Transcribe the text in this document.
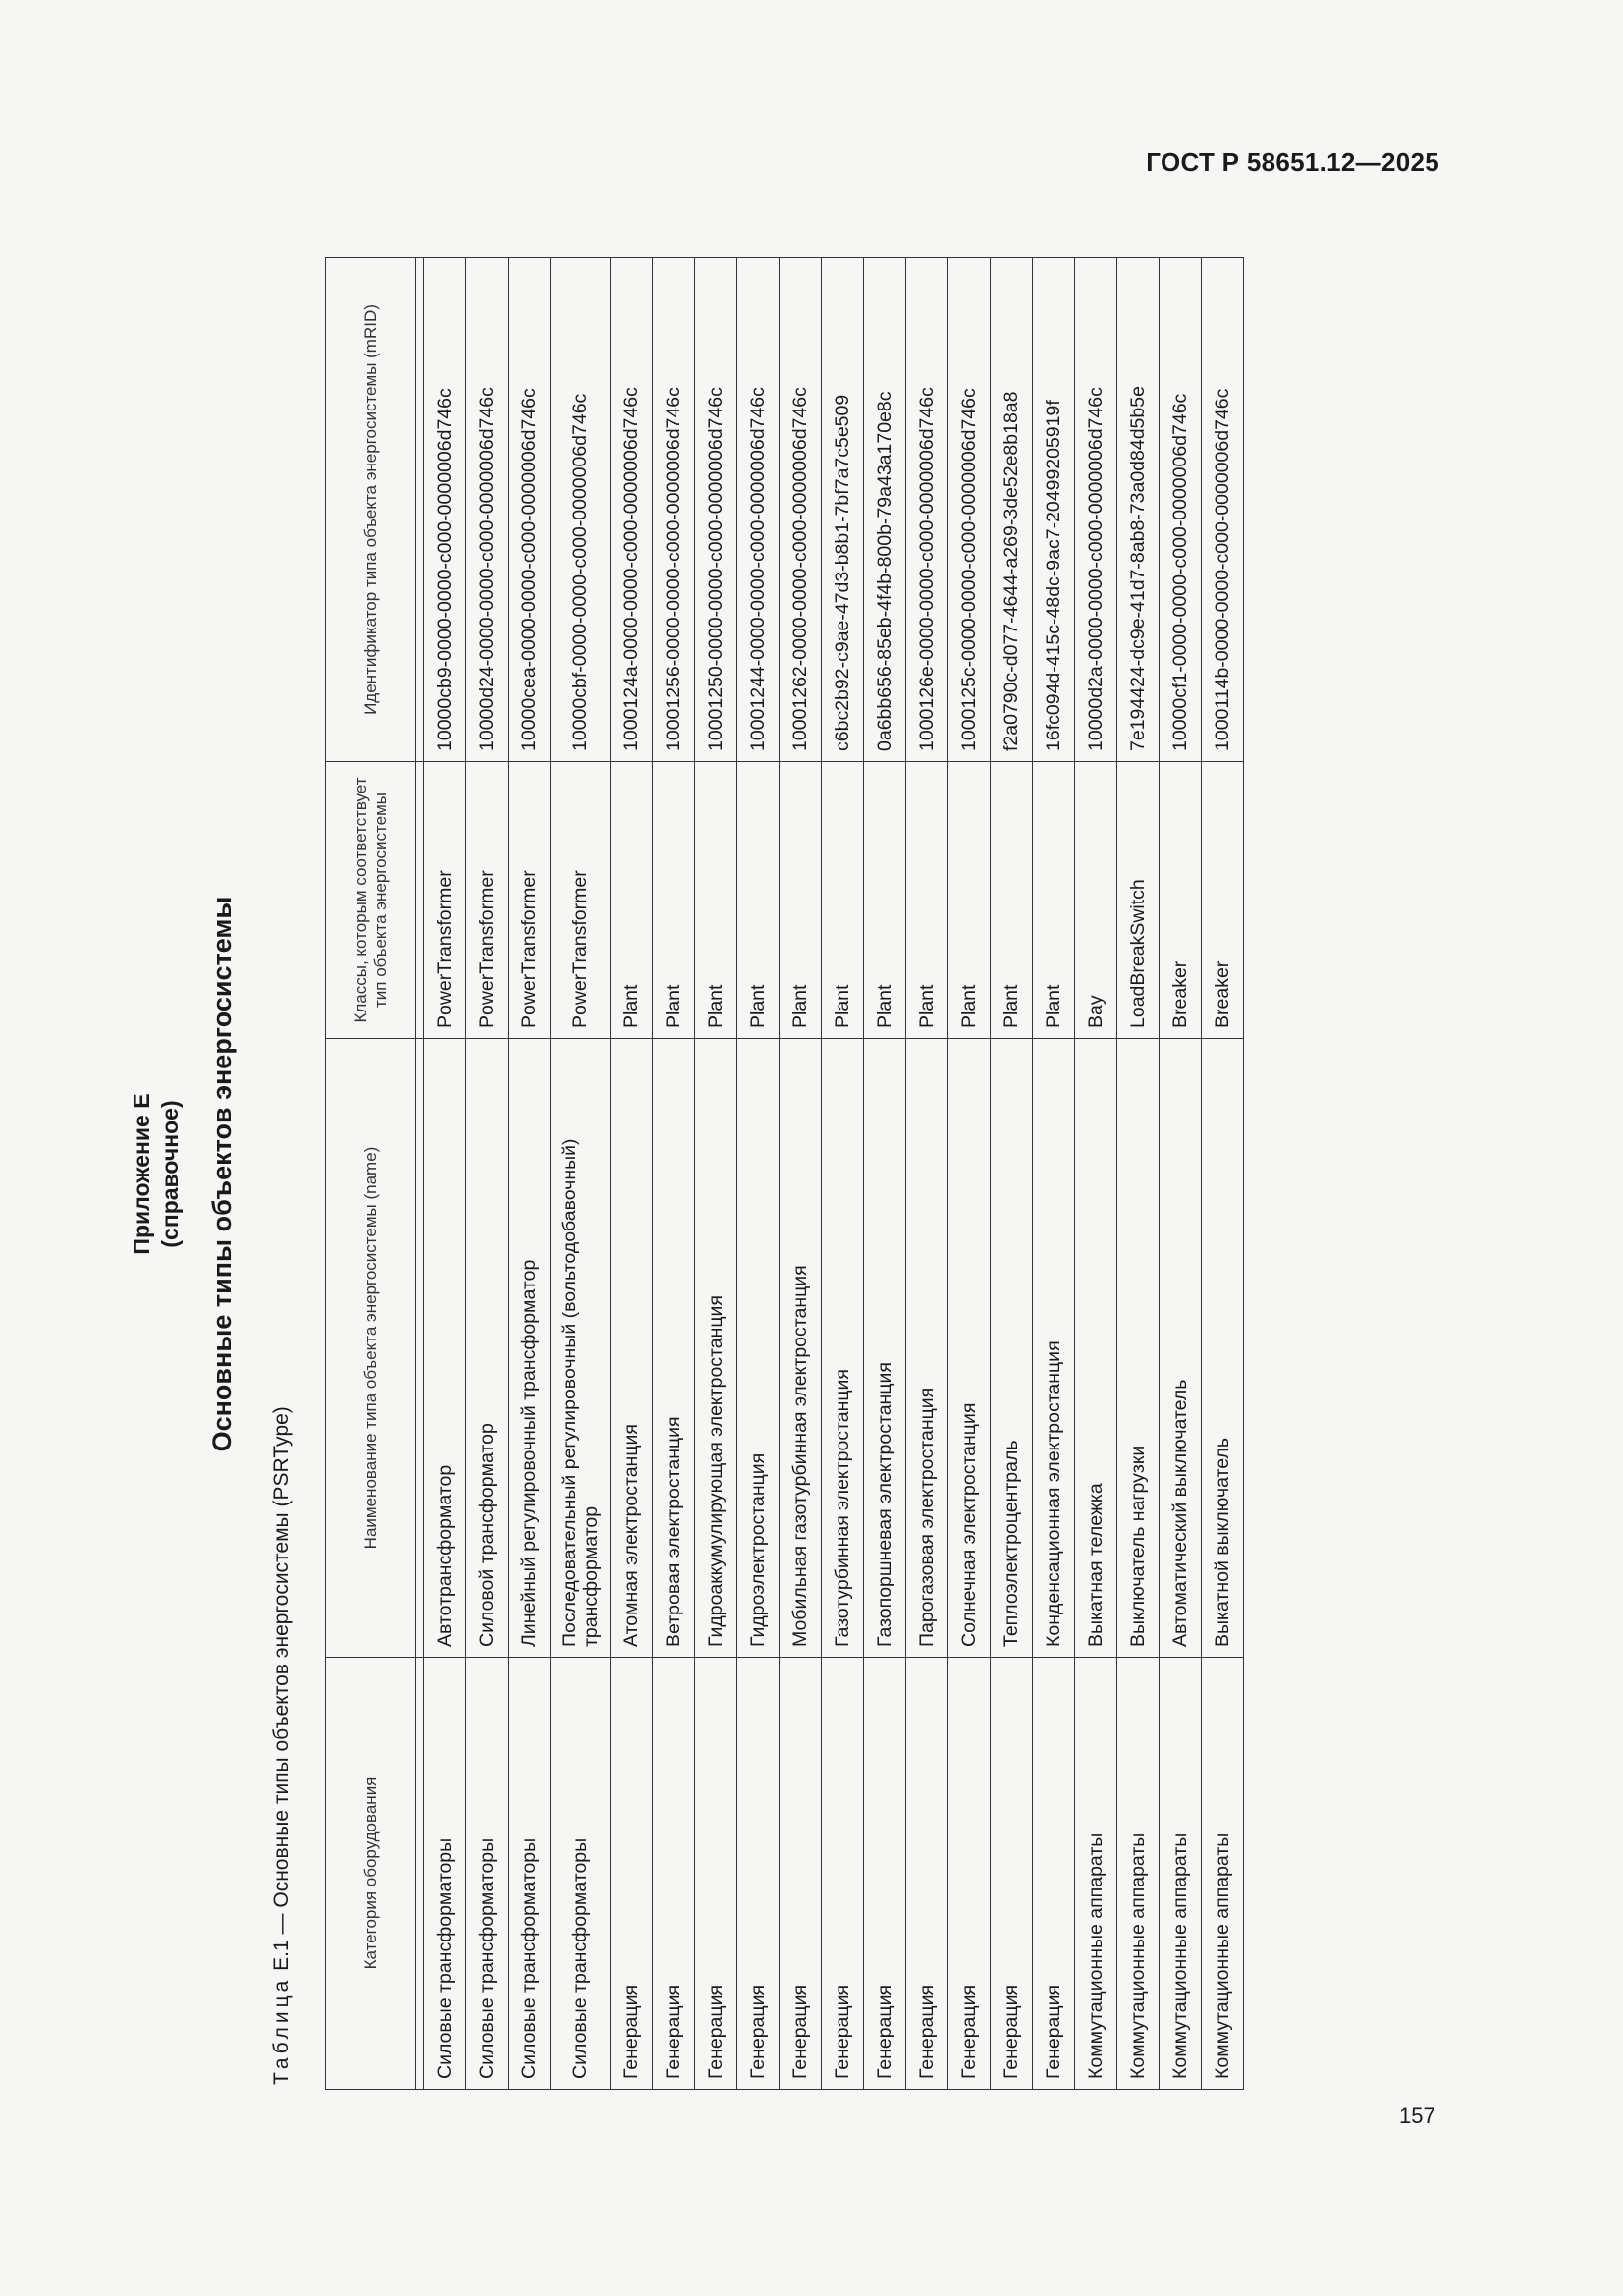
ГОСТ Р 58651.12—2025
157
Приложение Е (справочное) Основные типы объектов энергосистемы
Таблица Е.1 — Основные типы объектов энергосистемы (PSRType)	Категория оборудования	Наименование типа объекта энергосистемы (name)	Классы, которым соответствует тип объекта энергосистемы	Идентификатор типа объекта энергосистемы (mRID)

Силовые трансформаторы	Автотрансформатор	PowerTransformer	10000cb9-0000-0000-c000-0000006d746c
Силовые трансформаторы	Силовой трансформатор	PowerTransformer	10000d24-0000-0000-c000-0000006d746c
Силовые трансформаторы	Линейный регулировочный трансформатор	PowerTransformer	10000cea-0000-0000-c000-0000006d746c
Силовые трансформаторы	Последовательный регулировочный (вольтодобавочный) трансформатор	PowerTransformer	10000cbf-0000-0000-c000-0000006d746c
Генерация	Атомная электростанция	Plant	1000124a-0000-0000-c000-0000006d746c
Генерация	Ветровая электростанция	Plant	10001256-0000-0000-c000-0000006d746c
Генерация	Гидроаккумулирующая электростанция	Plant	10001250-0000-0000-c000-0000006d746c
Генерация	Гидроэлектростанция	Plant	10001244-0000-0000-c000-0000006d746c
Генерация	Мобильная газотурбинная электростанция	Plant	10001262-0000-0000-c000-0000006d746c
Генерация	Газотурбинная электростанция	Plant	c6bc2b92-c9ae-47d3-b8b1-7bf7a7c5e509
Генерация	Газопоршневая электростанция	Plant	0a6bb656-85eb-4f4b-800b-79a43a170e8c
Генерация	Парогазовая электростанция	Plant	1000126e-0000-0000-c000-0000006d746c
Генерация	Солнечная электростанция	Plant	1000125c-0000-0000-c000-0000006d746c
Генерация	Теплоэлектроцентраль	Plant	f2a0790c-d077-4644-a269-3de52e8b18a8
Генерация	Конденсационная электростанция	Plant	16fc094d-415c-48dc-9ac7-20499205919f
Коммутационные аппараты	Выкатная тележка	Bay	10000d2a-0000-0000-c000-0000006d746c
Коммутационные аппараты	Выключатель нагрузки	LoadBreakSwitch	7e194424-dc9e-41d7-8ab8-73a0d84d5b5e
Коммутационные аппараты	Автоматический выключатель	Breaker	10000cf1-0000-0000-c000-0000006d746c
Коммутационные аппараты	Выкатной выключатель	Breaker	1000114b-0000-0000-c000-0000006d746c
